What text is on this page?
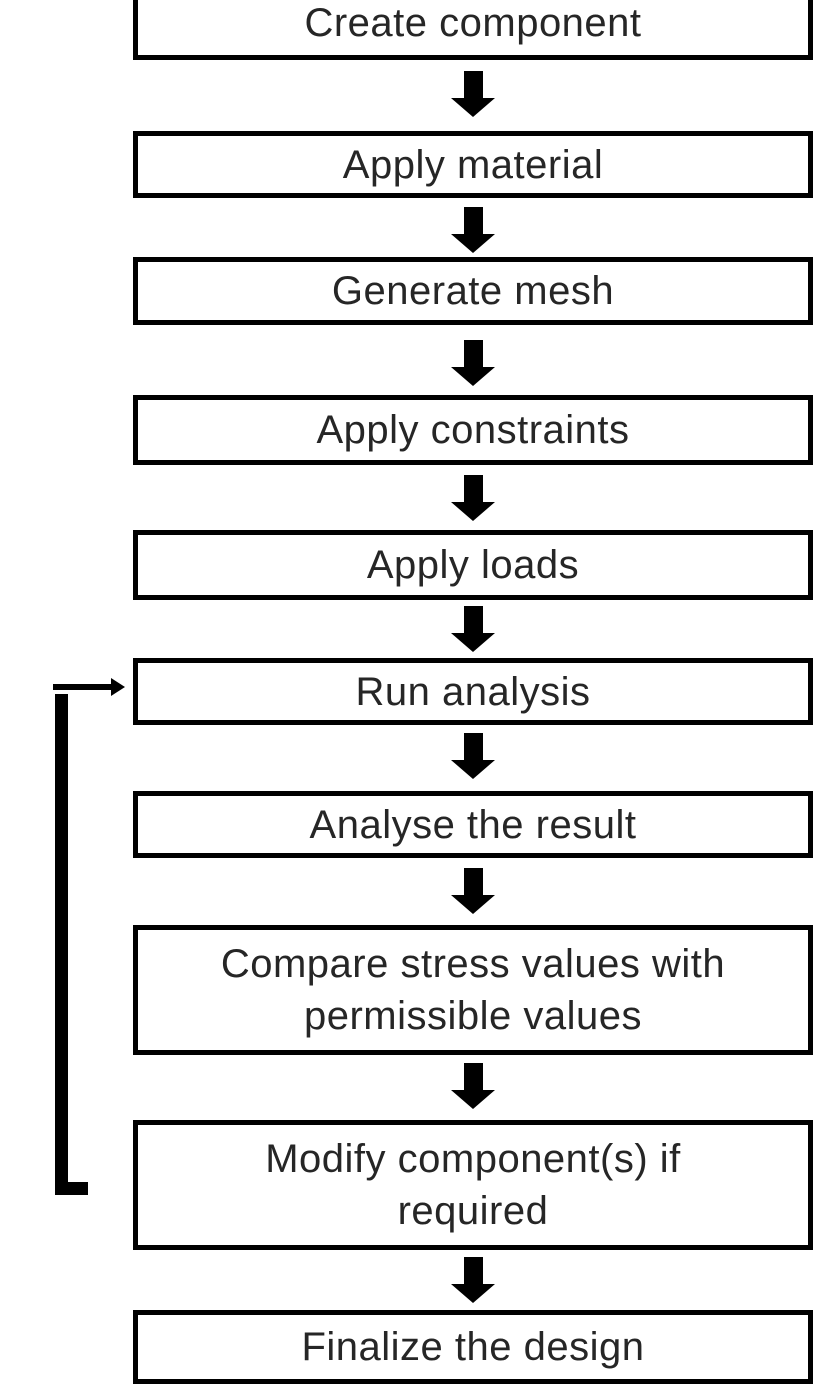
Create component
Apply material
Generate mesh
Apply constraints
Apply loads
Run analysis
Analyse the result
Compare stress values with permissible values
Modify component(s) if required
Finalize the design
